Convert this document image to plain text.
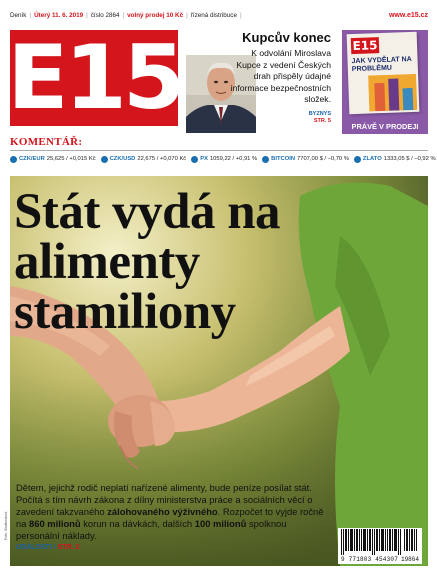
Deník | Úterý 11. 6. 2019 | číslo 2864 | volný prodej 10 Kč | řízená distribuce |	www.e15.cz
E15	Kupcův konec
K odvolání Miroslava Kupce z vedení Českých drah přispěly údajné informace bezpečnostních složek.
BYZNYS
STR. 5
E15
JAK VYDĚLAT NA PROBLÉMU
PRÁVĚ V PRODEJI
KOMENTÁŘ:
CZK/EUR 25,625 / +0,015 Kč CZK/USD 22,675 / +0,070 Kč PX 1059,22 / +0,91 % BITCOIN 7707,00 $ / –0,70 % ZLATO 1333,05 $ / –0,92 %
Stát vydá na alimenty stamiliony
Dětem, jejichž rodič neplatí nařízené alimenty, bude peníze posílat stát. Počítá s tím návrh zákona z dílny ministerstva práce a sociálních věcí o zavedení takzvaného zálohovaného výživného. Rozpočet to vyjde ročně na 860 milionů korun na dávkách, dalších 100 milionů spolknou personální náklady.
UDÁLOSTI / STR. 2
Foto: Shutterstock
9 771803 454307 19864
